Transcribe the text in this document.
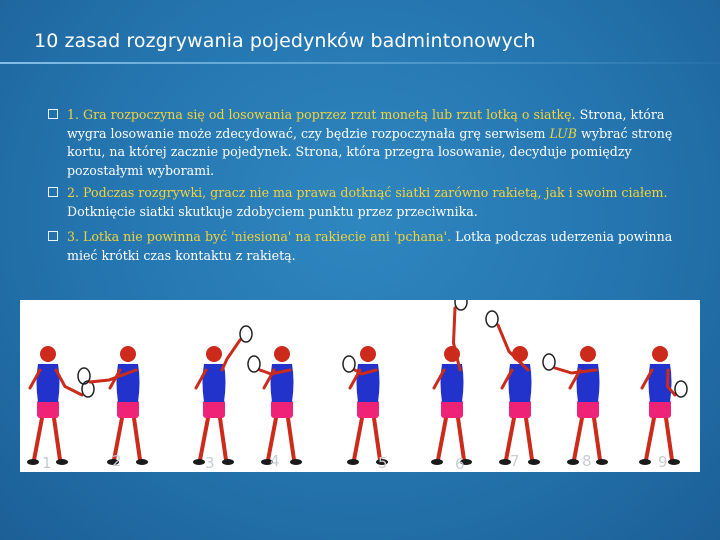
10 zasad rozgrywania pojedynków badmintonowych
1. Gra rozpoczyna się od losowania poprzez rzut monetą lub rzut lotką o siatkę. Strona, która wygra losowanie może zdecydować, czy będzie rozpoczynała grę serwisem LUB wybrać stronę kortu, na której zacznie pojedynek. Strona, która przegra losowanie, decyduje pomiędzy pozostałymi wyborami.
2. Podczas rozgrywki, gracz nie ma prawa dotknąć siatki zarówno rakietą, jak i swoim ciałem. Dotknięcie siatki skutkuje zdobyciem punktu przez przeciwnika.
3. Lotka nie powinna być 'niesiona' na rakiecie ani 'pchana'. Lotka podczas uderzenia powinna mieć krótki czas kontaktu z rakietą.
1	2	3	4	5	6	7	8	9
